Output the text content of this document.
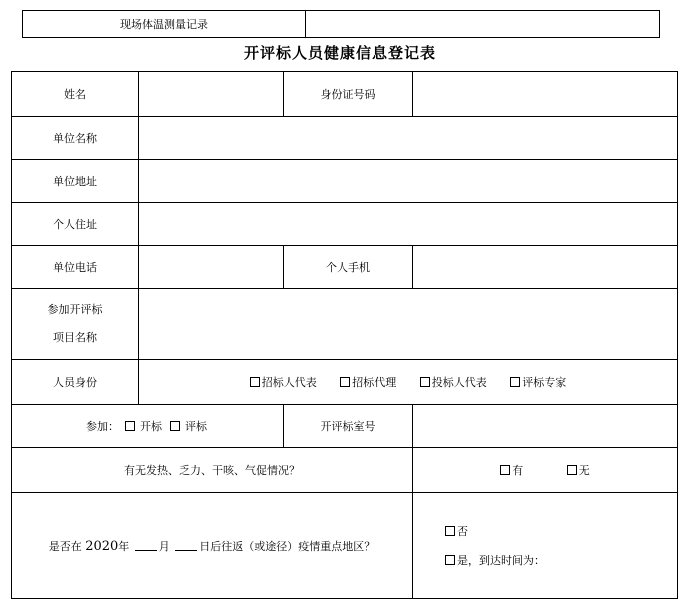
现场体温测量记录
开评标人员健康信息登记表
姓名		身份证号码	
单位名称			
单位地址			
个人住址			
单位电话		个人手机	

参加开评标
项目名称			

人员身份	招标人代表 招标代理 投标人代表 评标专家		
参加： 开标 评标		开评标室号	
有无发热、乏力、干咳、气促情况？			有 无
是否在 2020年 月 日后往返（或途径）疫情重点地区？			否
是，到达时间为：
